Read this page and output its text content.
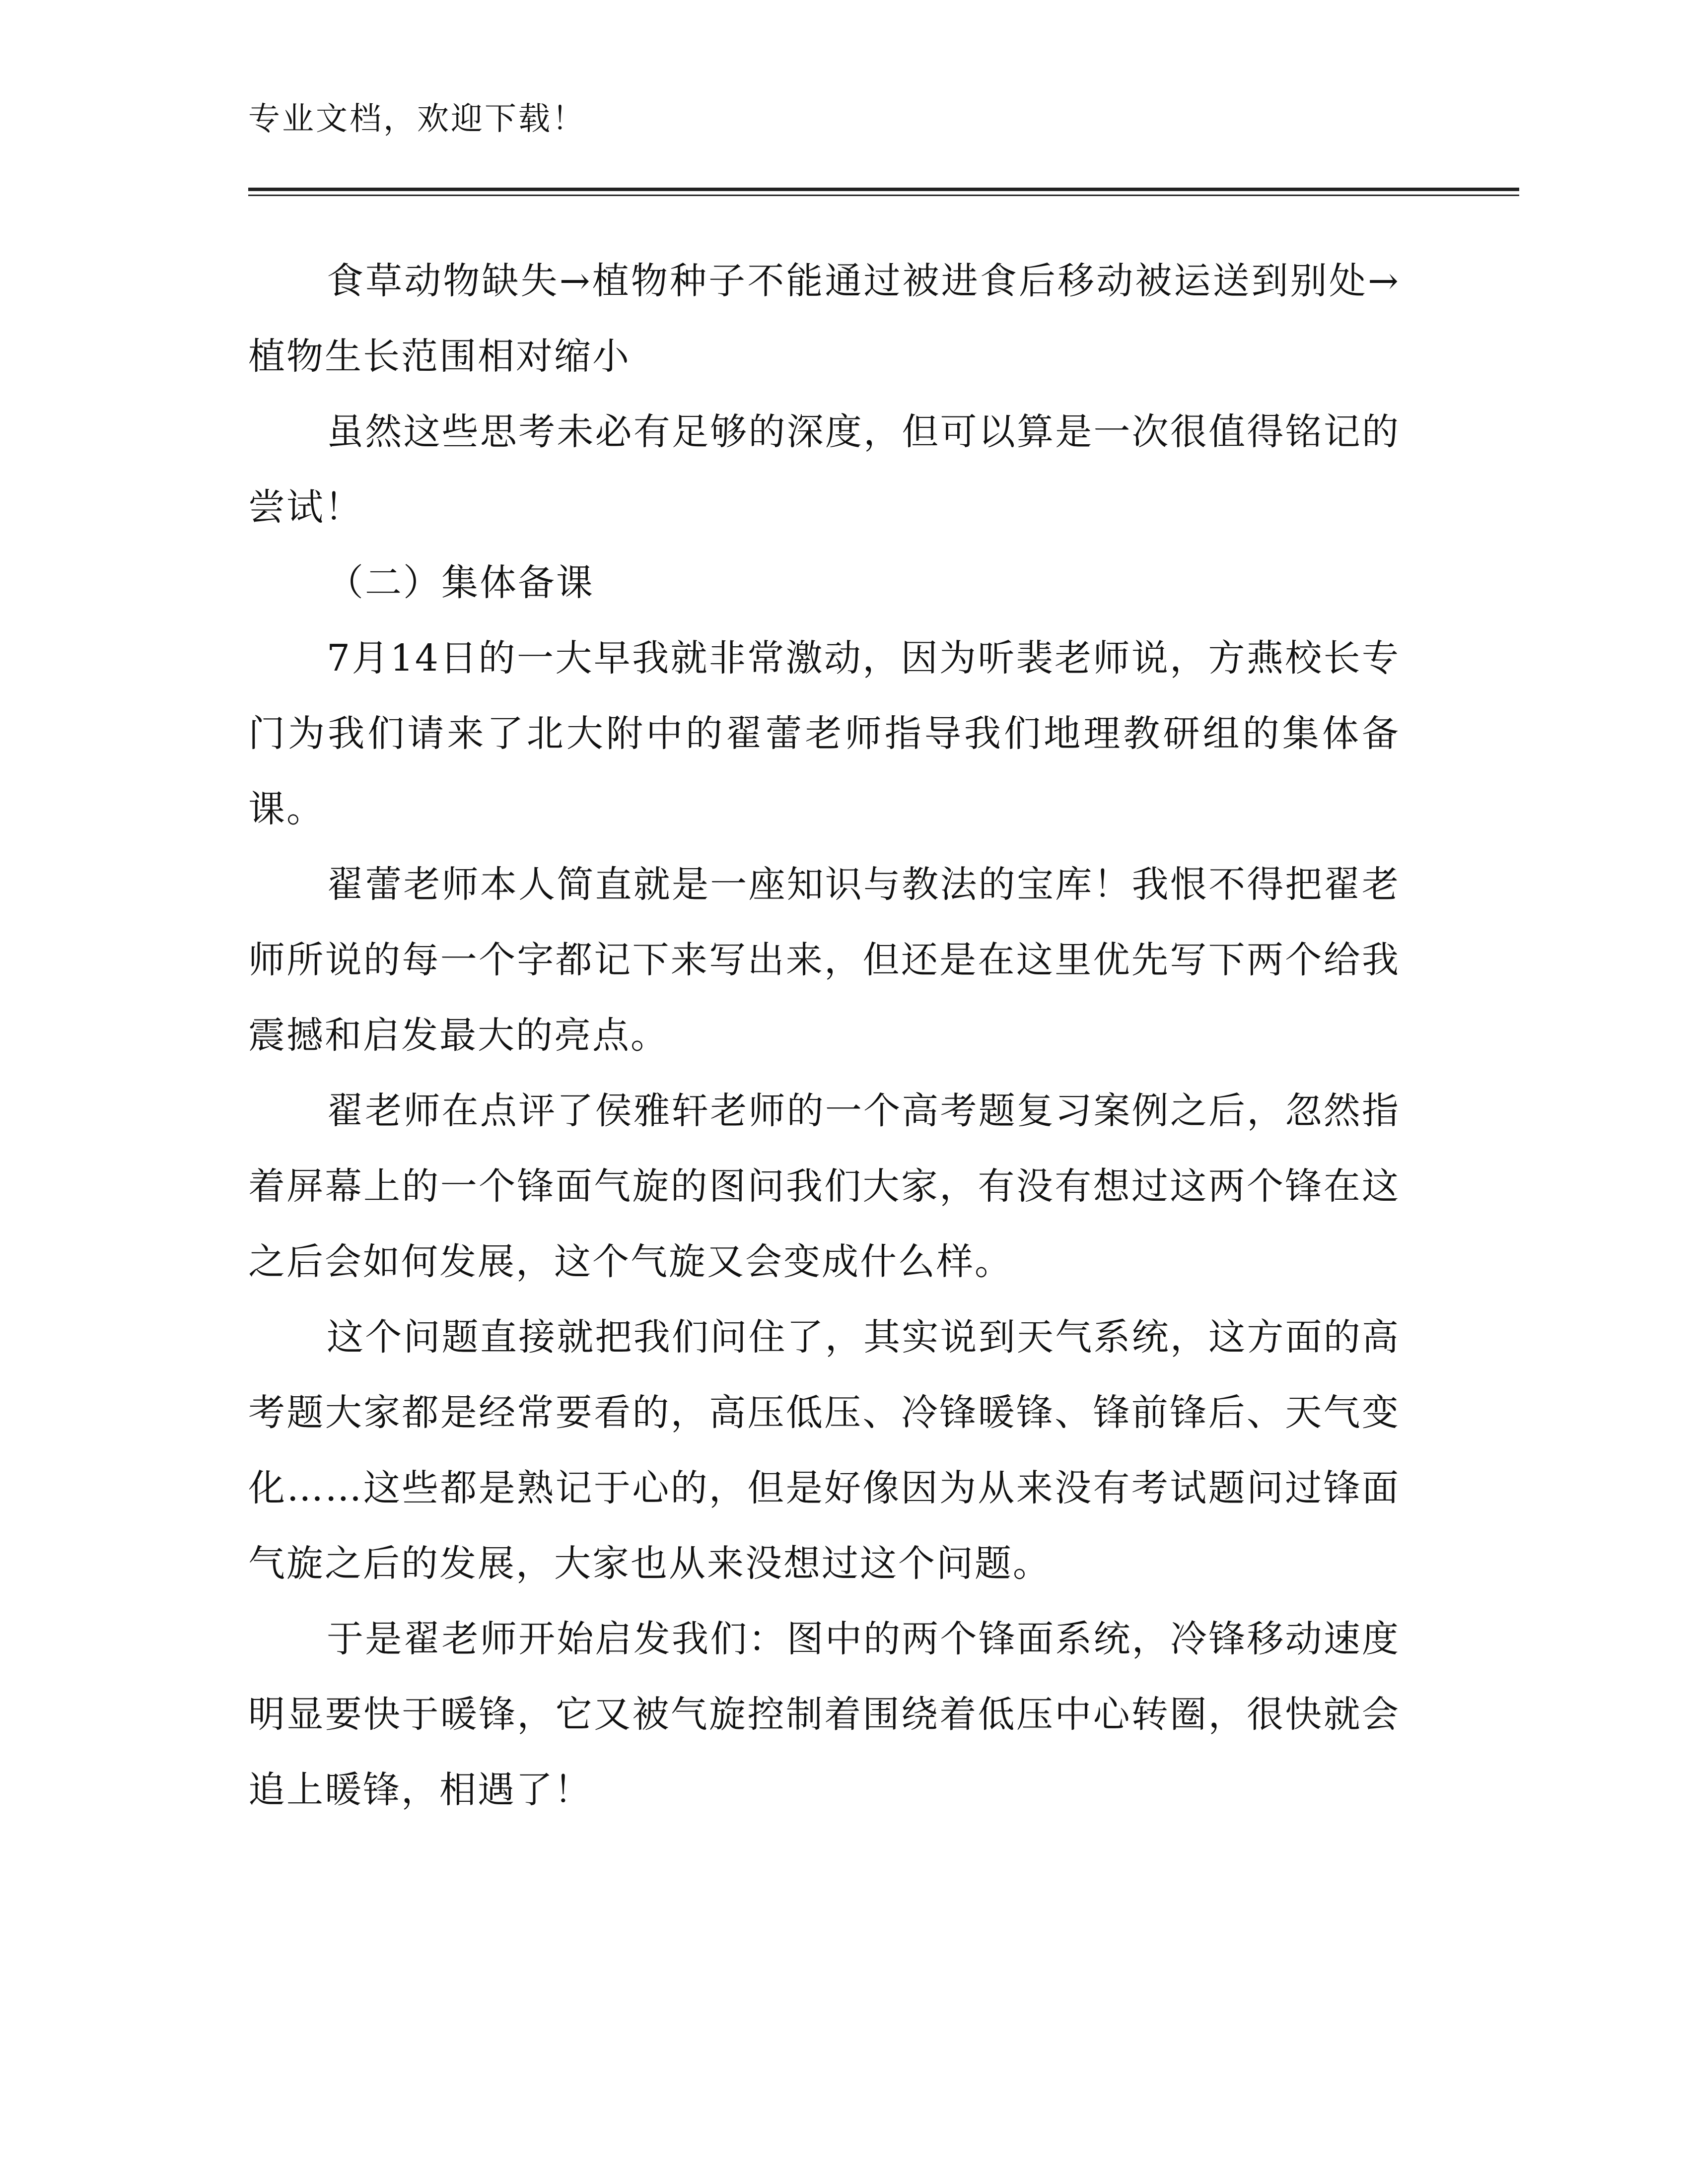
专业文档，欢迎下载！

食草动物缺失→植物种子不能通过被进食后移动被运送到别处→植物生长范围相对缩小

虽然这些思考未必有足够的深度，但可以算是一次很值得铭记的尝试！

（二）集体备课

7月14日的一大早我就非常激动，因为听裴老师说，方燕校长专门为我们请来了北大附中的翟蕾老师指导我们地理教研组的集体备课。

翟蕾老师本人简直就是一座知识与教法的宝库！我恨不得把翟老师所说的每一个字都记下来写出来，但还是在这里优先写下两个给我震撼和启发最大的亮点。

翟老师在点评了侯雅轩老师的一个高考题复习案例之后，忽然指着屏幕上的一个锋面气旋的图问我们大家，有没有想过这两个锋在这之后会如何发展，这个气旋又会变成什么样。

这个问题直接就把我们问住了，其实说到天气系统，这方面的高考题大家都是经常要看的，高压低压、冷锋暖锋、锋前锋后、天气变化……这些都是熟记于心的，但是好像因为从来没有考试题问过锋面气旋之后的发展，大家也从来没想过这个问题。

于是翟老师开始启发我们：图中的两个锋面系统，冷锋移动速度明显要快于暖锋，它又被气旋控制着围绕着低压中心转圈，很快就会追上暖锋，相遇了！
